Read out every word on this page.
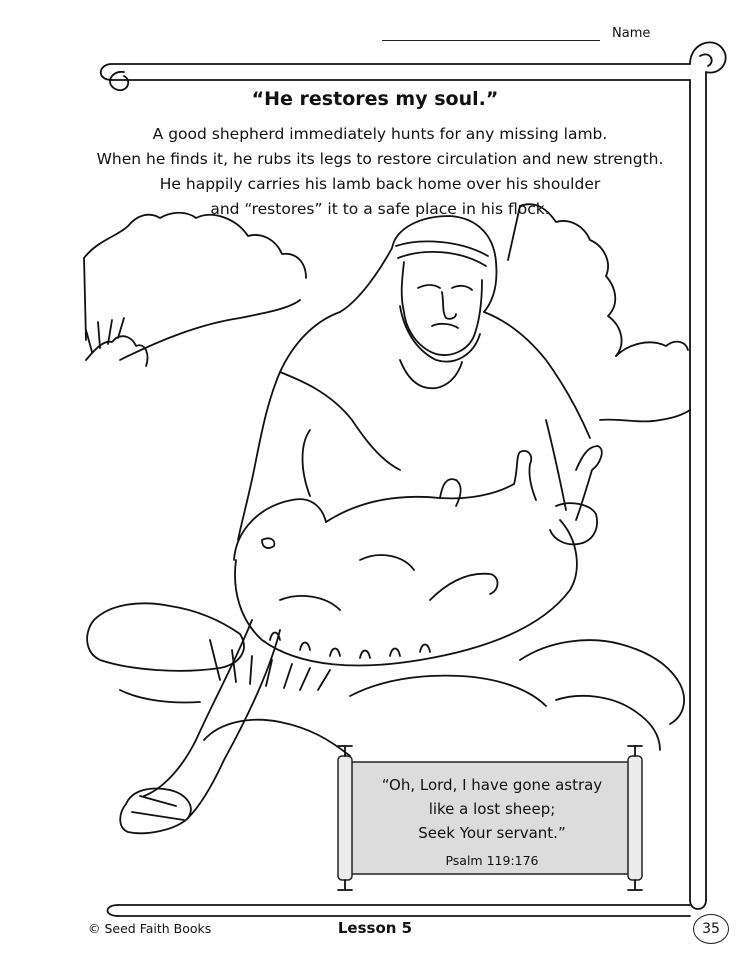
Name
“He restores my soul.”
A good shepherd immediately hunts for any missing lamb.
When he finds it, he rubs its legs to restore circulation and new strength.
He happily carries his lamb back home over his shoulder
and “restores” it to a safe place in his flock.
“Oh, Lord, I have gone astray
like a lost sheep;
Seek Your servant.”
Psalm 119:176
© Seed Faith Books	Lesson 5	35
